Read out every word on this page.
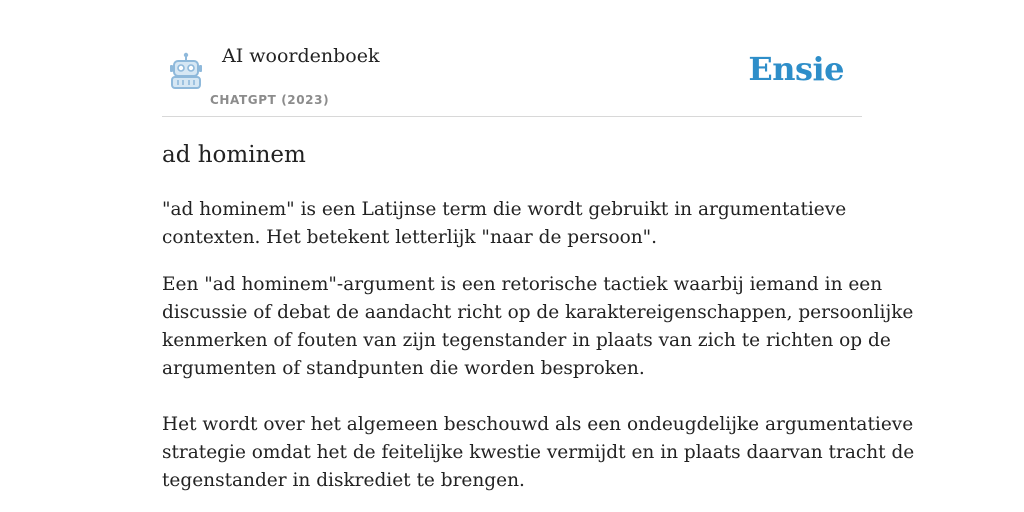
AI woordenboek
CHATGPT (2023)
Ensie
ad hominem

"ad hominem" is een Latijnse term die wordt gebruikt in argumentatieve
contexten. Het betekent letterlijk "naar de persoon".

Een "ad hominem"-argument is een retorische tactiek waarbij iemand in een
discussie of debat de aandacht richt op de karaktereigenschappen, persoonlijke
kenmerken of fouten van zijn tegenstander in plaats van zich te richten op de
argumenten of standpunten die worden besproken.
Het wordt over het algemeen beschouwd als een ondeugdelijke argumentatieve
strategie omdat het de feitelijke kwestie vermijdt en in plaats daarvan tracht de
tegenstander in diskrediet te brengen.
